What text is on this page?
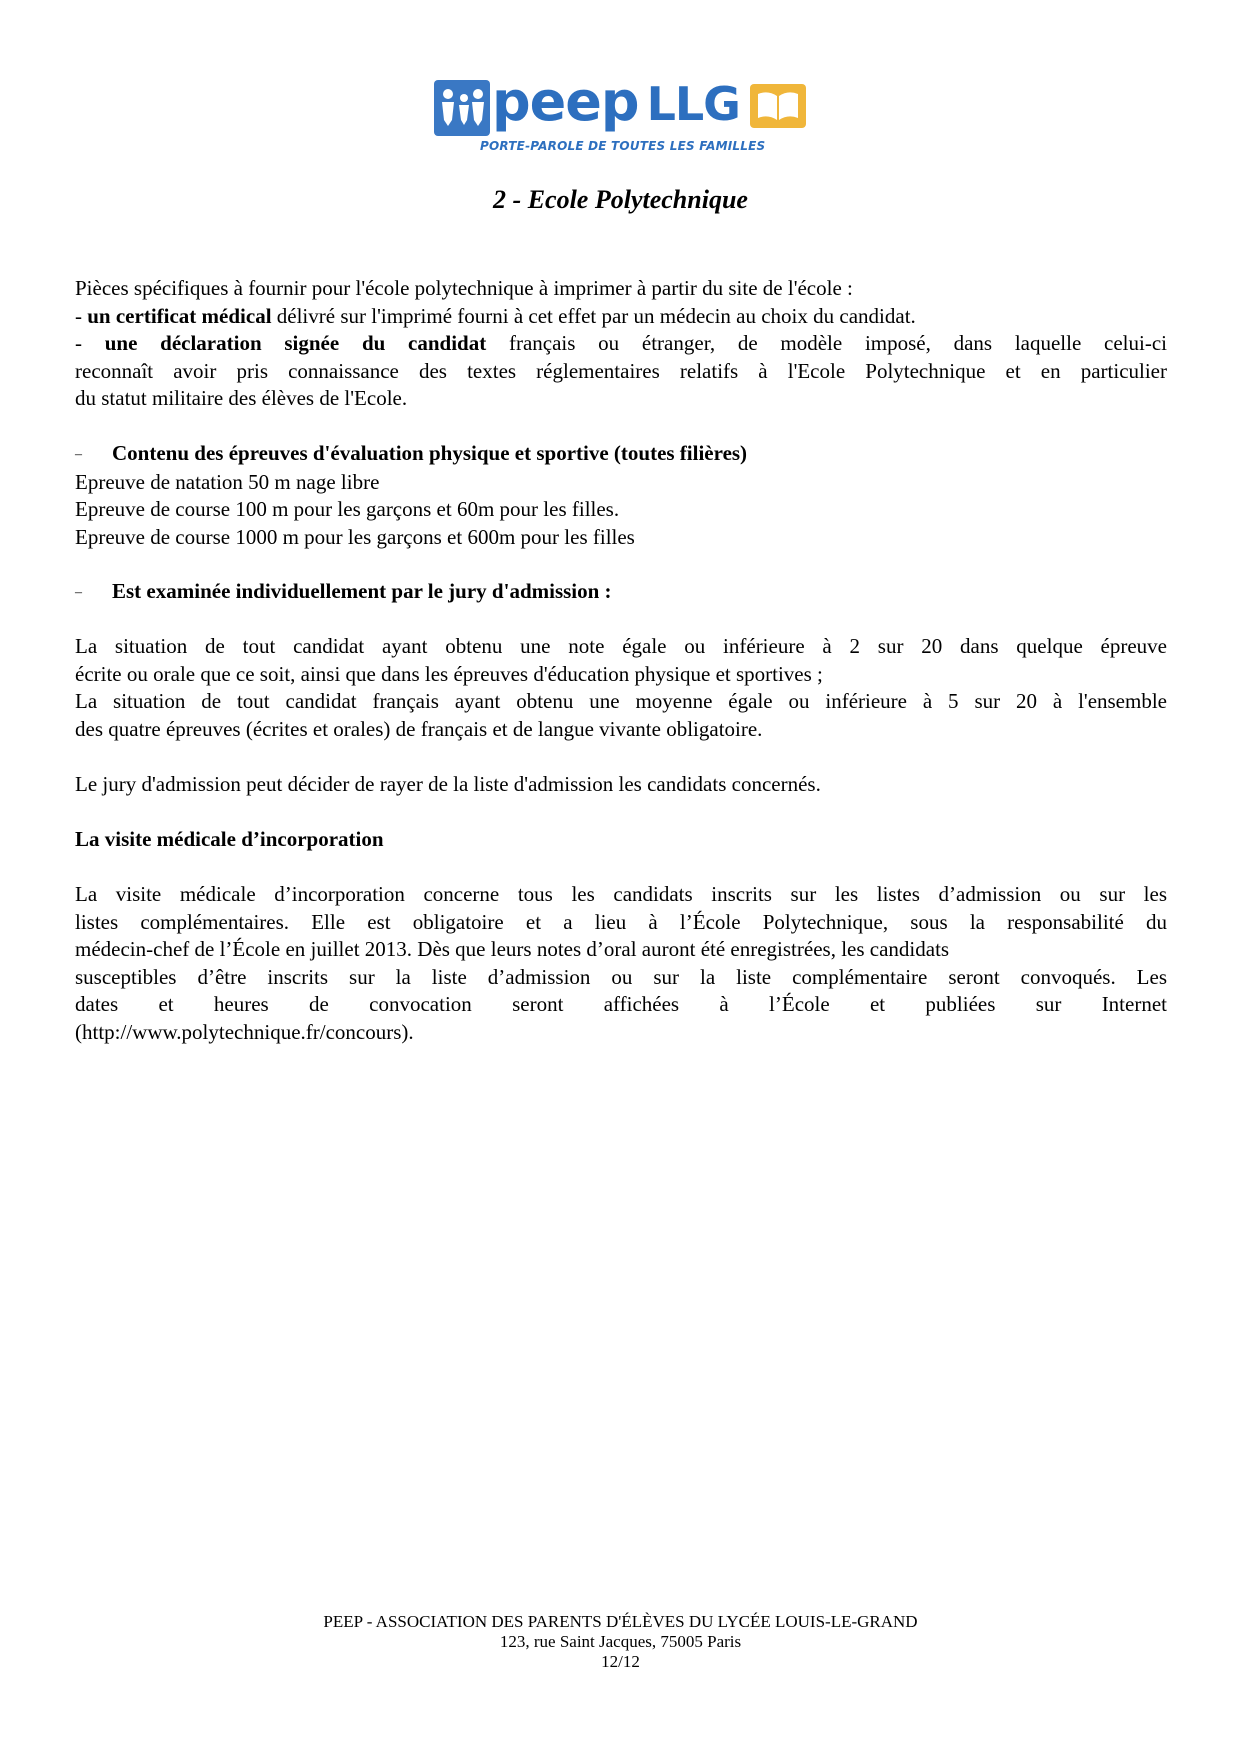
peep LLG
PORTE-PAROLE DE TOUTES LES FAMILLES
2 - Ecole Polytechnique
Pièces spécifiques à fournir pour l'école polytechnique à imprimer à partir du site de l'école :
- un certificat médical délivré sur l'imprimé fourni à cet effet par un médecin au choix du candidat.
- une déclaration signée du candidat français ou étranger, de modèle imposé, dans laquelle celui-ci
reconnaît avoir pris connaissance des textes réglementaires relatifs à l'Ecole Polytechnique et en particulier
du statut militaire des élèves de l'Ecole.
– Contenu des épreuves d'évaluation physique et sportive (toutes filières)
Epreuve de natation 50 m nage libre
Epreuve de course 100 m pour les garçons et 60m pour les filles.
Epreuve de course 1000 m pour les garçons et 600m pour les filles
– Est examinée individuellement par le jury d'admission :
La situation de tout candidat ayant obtenu une note égale ou inférieure à 2 sur 20 dans quelque épreuve
écrite ou orale que ce soit, ainsi que dans les épreuves d'éducation physique et sportives ;
La situation de tout candidat français ayant obtenu une moyenne égale ou inférieure à 5 sur 20 à l'ensemble
des quatre épreuves (écrites et orales) de français et de langue vivante obligatoire.
Le jury d'admission peut décider de rayer de la liste d'admission les candidats concernés.
La visite médicale d’incorporation
La visite médicale d’incorporation concerne tous les candidats inscrits sur les listes d’admission ou sur les
listes complémentaires. Elle est obligatoire et a lieu à l’École Polytechnique, sous la responsabilité du
médecin-chef de l’École en juillet 2013. Dès que leurs notes d’oral auront été enregistrées, les candidats
susceptibles d’être inscrits sur la liste d’admission ou sur la liste complémentaire seront convoqués. Les
dates et heures de convocation seront affichées à l’École et publiées sur Internet
(http://www.polytechnique.fr/concours).
PEEP - ASSOCIATION DES PARENTS D'ÉLÈVES DU LYCÉE LOUIS-LE-GRAND
123, rue Saint Jacques, 75005 Paris
12/12
